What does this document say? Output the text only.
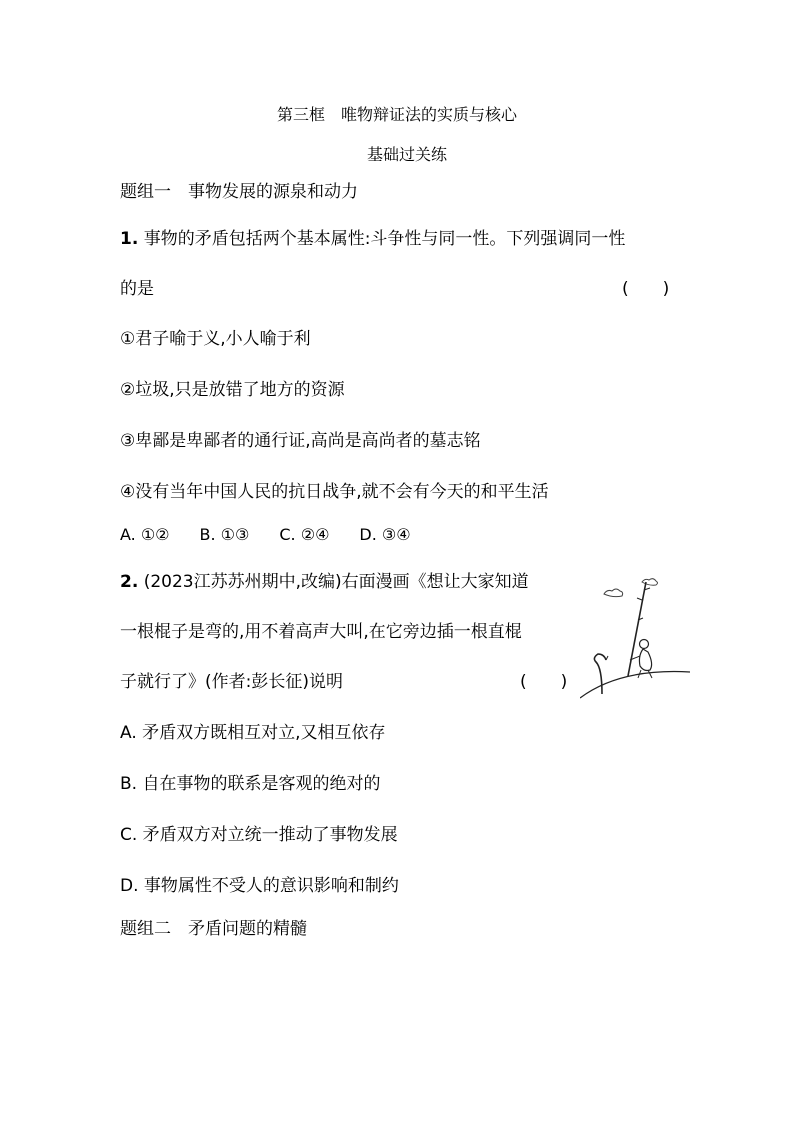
第三框　唯物辩证法的实质与核心
基础过关练
题组一　事物发展的源泉和动力
1. 事物的矛盾包括两个基本属性:斗争性与同一性。下列强调同一性
的是	(　　)
①君子喻于义,小人喻于利
②垃圾,只是放错了地方的资源
③卑鄙是卑鄙者的通行证,高尚是高尚者的墓志铭
④没有当年中国人民的抗日战争,就不会有今天的和平生活
A. ①② B. ①③ C. ②④ D. ③④
2. (2023江苏苏州期中,改编)右面漫画《想让大家知道
一根棍子是弯的,用不着高声大叫,在它旁边插一根直棍
子就行了》(作者:彭长征)说明	(　　)
A. 矛盾双方既相互对立,又相互依存
B. 自在事物的联系是客观的绝对的
C. 矛盾双方对立统一推动了事物发展
D. 事物属性不受人的意识影响和制约
题组二　矛盾问题的精髓
